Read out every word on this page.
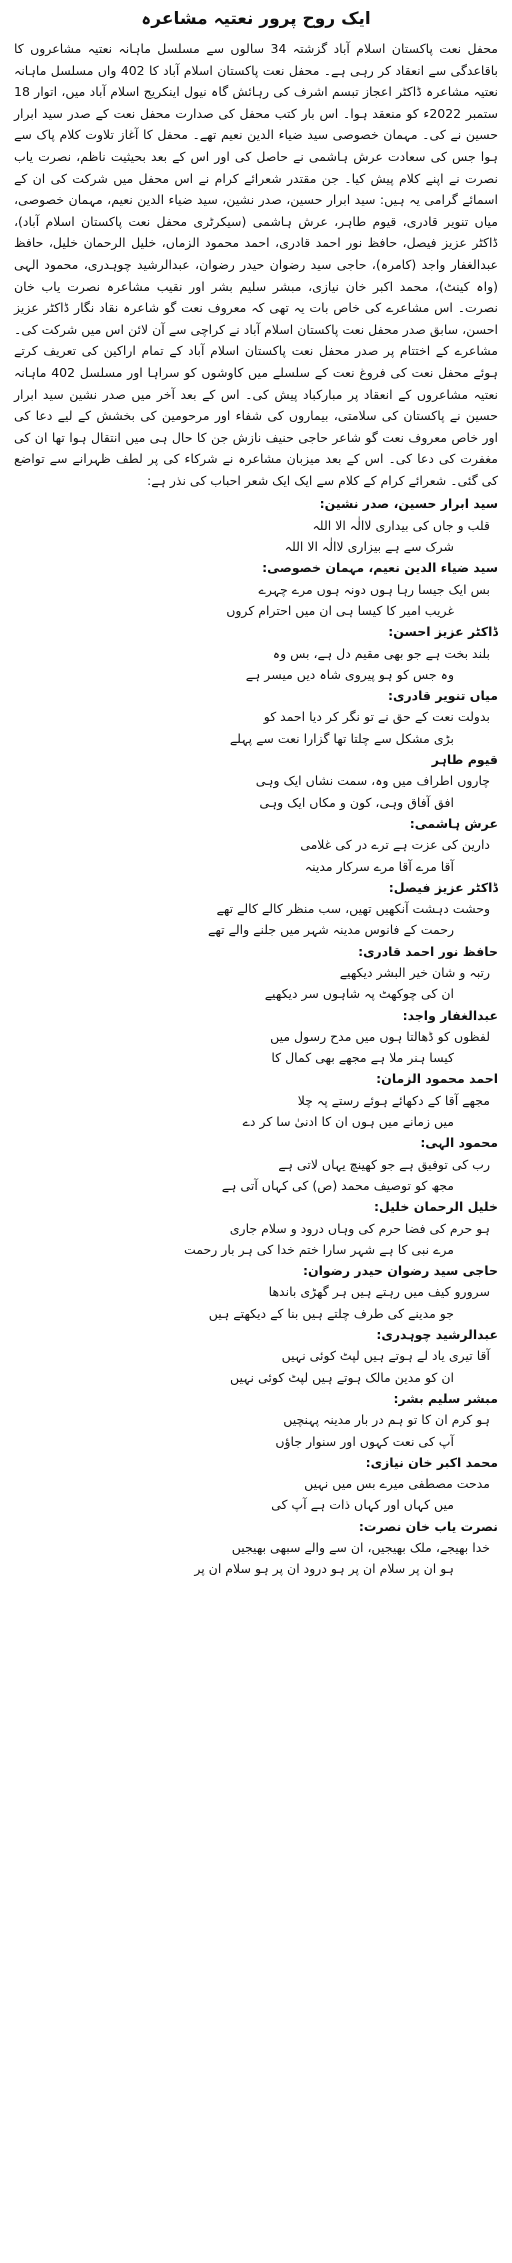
ایک روح پرور نعتیہ مشاعرہ

محفل نعت پاکستان اسلام آباد گزشتہ 34 سالوں سے مسلسل ماہانہ نعتیہ مشاعروں کا باقاعدگی سے انعقاد کر رہی ہے۔ محفل نعت پاکستان اسلام آباد کا 402 واں مسلسل ماہانہ نعتیہ مشاعرہ ڈاکٹر اعجاز تبسم اشرف کی رہائش گاہ نیول اینکریج اسلام آباد میں، اتوار 18 ستمبر 2022ء کو منعقد ہوا۔ اس بار کتب محفل کی صدارت محفل نعت کے صدر سید ابرار حسین نے کی۔ مہمان خصوصی سید ضیاء الدین نعیم تھے۔ محفل کا آغاز تلاوت کلام پاک سے ہوا جس کی سعادت عرش ہاشمی نے حاصل کی اور اس کے بعد بحیثیت ناظم، نصرت یاب نصرت نے اپنے کلام پیش کیا۔ جن مقتدر شعرائے کرام نے اس محفل میں شرکت کی ان کے اسمائے گرامی یہ ہیں: سید ابرار حسین، صدر نشین، سید ضیاء الدین نعیم، مہمان خصوصی، میاں تنویر قادری، قیوم طاہر، عرش ہاشمی (سیکرٹری محفل نعت پاکستان اسلام آباد)، ڈاکٹر عزیز فیصل، حافظ نور احمد قادری، احمد محمود الزماں، خلیل الرحمان خلیل، حافظ عبدالغفار واجد (کامرہ)، حاجی سید رضوان حیدر رضوان، عبدالرشید چوہدری، محمود الہی (واہ کینٹ)، محمد اکبر خان نیازی، مبشر سلیم بشر اور نقیب مشاعرہ نصرت یاب خان نصرت۔ اس مشاعرے کی خاص بات یہ تھی کہ معروف نعت گو شاعرہ نقاد نگار ڈاکٹر عزیز احسن، سابق صدر محفل نعت پاکستان اسلام آباد نے کراچی سے آن لائن اس میں شرکت کی۔ مشاعرے کے اختتام پر صدر محفل نعت پاکستان اسلام آباد کے تمام اراکین کی تعریف کرتے ہوئے محفل نعت کی فروغ نعت کے سلسلے میں کاوشوں کو سراہا اور مسلسل 402 ماہانہ نعتیہ مشاعروں کے انعقاد پر مبارکباد پیش کی۔ اس کے بعد آخر میں صدر نشین سید ابرار حسین نے پاکستان کی سلامتی، بیماروں کی شفاء اور مرحومین کی بخشش کے لیے دعا کی اور خاص معروف نعت گو شاعر حاجی حنیف نازش جن کا حال ہی میں انتقال ہوا تھا ان کی مغفرت کی دعا کی۔ اس کے بعد میزبان مشاعرہ نے شرکاء کی پر لطف ظہرانے سے تواضع کی گئی۔ شعرائے کرام کے کلام سے ایک ایک شعر احباب کی نذر ہے:

سید ابرار حسین، صدر نشین:
قلب و جاں کی بیداری لاالٰہ الا اللہ
شرک سے ہے بیزاری لاالٰہ الا اللہ
سید ضیاء الدین نعیم، مہمان خصوصی:
بس ایک جیسا رہا ہوں دونہ ہوں مرے چہرے
غریب امیر کا کیسا ہی ان میں احترام کروں
ڈاکٹر عزیز احسن:
بلند بخت ہے جو بھی مقیم دل ہے، بس وہ
وہ جس کو ہو پیروی شاہ دیں میسر ہے
میاں تنویر قادری:
بدولت نعت کے حق نے تو نگر کر دیا احمد کو
بڑی مشکل سے چلتا تھا گزارا نعت سے پہلے
قیوم طاہر
چاروں اطراف میں وہ، سمت نشاں ایک وہی
افق آفاق وہی، کون و مکاں ایک وہی
عرش ہاشمی:
دارین کی عزت ہے ترے در کی غلامی
آقا مرے آقا مرے سرکار مدینہ
ڈاکٹر عزیز فیصل:
وحشت دہشت آنکھیں تھیں، سب منظر کالے کالے تھے
رحمت کے فانوس مدینہ شہر میں جلنے والے تھے
حافظ نور احمد قادری:
رتبہ و شان خیر البشر دیکھیے
ان کی چوکھٹ پہ شاہوں سر دیکھیے
عبدالغفار واجد:
لفظوں کو ڈھالتا ہوں میں مدح رسول میں
کیسا ہنر ملا ہے مجھے بھی کمال کا
احمد محمود الزمان:
مجھے آقا کے دکھائے ہوئے رستے پہ چلا
میں زمانے میں ہوں ان کا ادنیٰ سا کر دے
محمود الہی:
رب کی توفیق ہے جو کھینچ یہاں لاتی ہے
مجھ کو توصیف محمد (ص) کی کہاں آتی ہے
خلیل الرحمان خلیل:
ہو حرم کی فضا حرم کی وہاں درود و سلام جاری
مرے نبی کا ہے شہر سارا ختم خدا کی ہر بار رحمت
حاجی سید رضوان حیدر رضوان:
سرورو کیف میں رہتے ہیں ہر گھڑی باندھا
جو مدینے کی طرف چلتے ہیں بنا کے دیکھتے ہیں
عبدالرشید چوہدری:
آقا تیری یاد لے ہوتے ہیں لپٹ کوئی نہیں
ان کو مدین مالک ہوتے ہیں لپٹ کوئی نہیں
مبشر سلیم بشر:
ہو کرم ان کا تو ہم در بار مدینہ پہنچیں
آپ کی نعت کہوں اور سنوار جاؤں
محمد اکبر خان نیازی:
مدحت مصطفی میرے بس میں نہیں
میں کہاں اور کہاں ذات ہے آپ کی
نصرت یاب خان نصرت:
خدا بھیجے، ملک بھیجیں، ان سے والے سبھی بھیجیں
ہو ان پر سلام ان پر ہو درود ان پر ہو سلام ان پر
